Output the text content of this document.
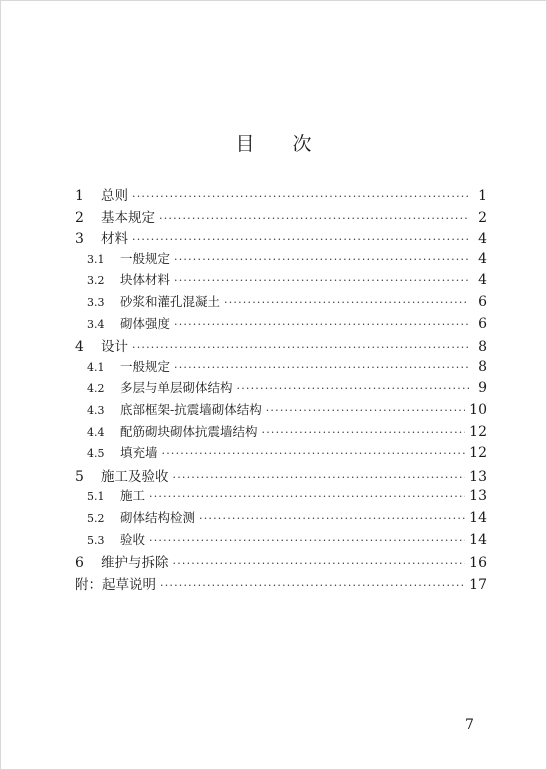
目 次
1	总则 ·····	1
2	基本规定 ·····	2
3	材料 ·····	4
3.1	一般规定 ·····	4
3.2	块体材料 ·····	4
3.3	砂浆和灌孔混凝土 ·····	6
3.4	砌体强度 ·····	6
4	设计 ·····	8
4.1	一般规定 ·····	8
4.2	多层与单层砌体结构 ·····	9
4.3	底部框架-抗震墙砌体结构 ·····	10
4.4	配筋砌块砌体抗震墙结构 ·····	12
4.5	填充墙 ·····	12
5	施工及验收 ·····	13
5.1	施工 ·····	13
5.2	砌体结构检测 ·····	14
5.3	验收 ·····	14
6	维护与拆除 ·····	16
附：起草说明 ·····	17
7
